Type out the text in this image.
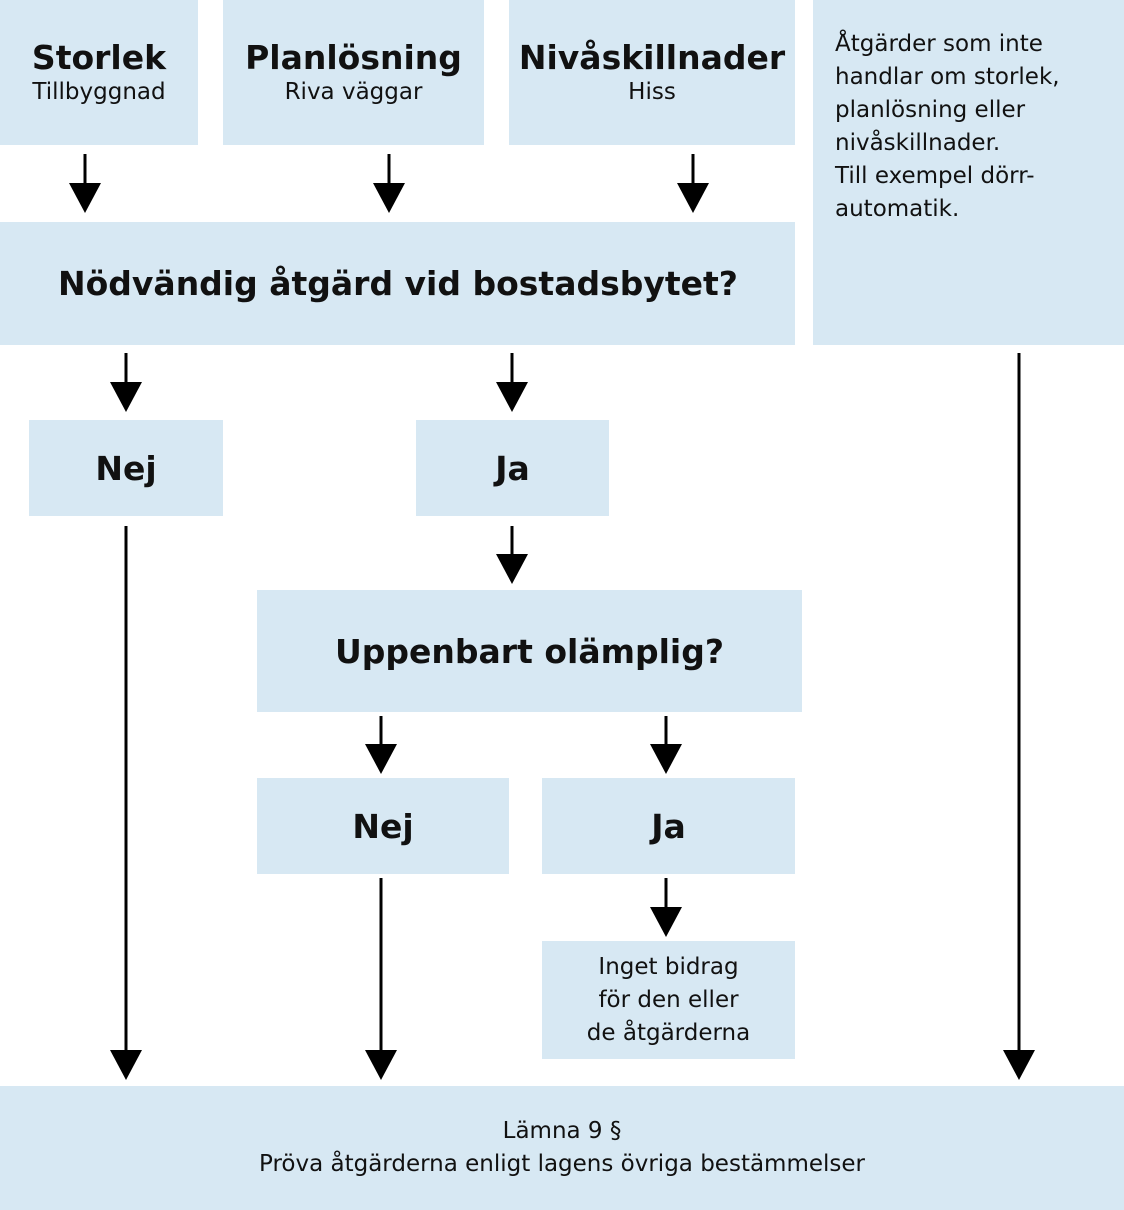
Storlek
Tillbyggnad
Planlösning
Riva väggar
Nivåskillnader
Hiss
Åtgärder som inte
handlar om storlek,
planlösning eller
nivåskillnader.
Till exempel dörr-
automatik.
Nödvändig åtgärd vid bostadsbytet?
Nej	Ja
Uppenbart olämplig?
Nej	Ja
Inget bidrag
för den eller
de åtgärderna
Lämna 9 §
Pröva åtgärderna enligt lagens övriga bestämmelser
